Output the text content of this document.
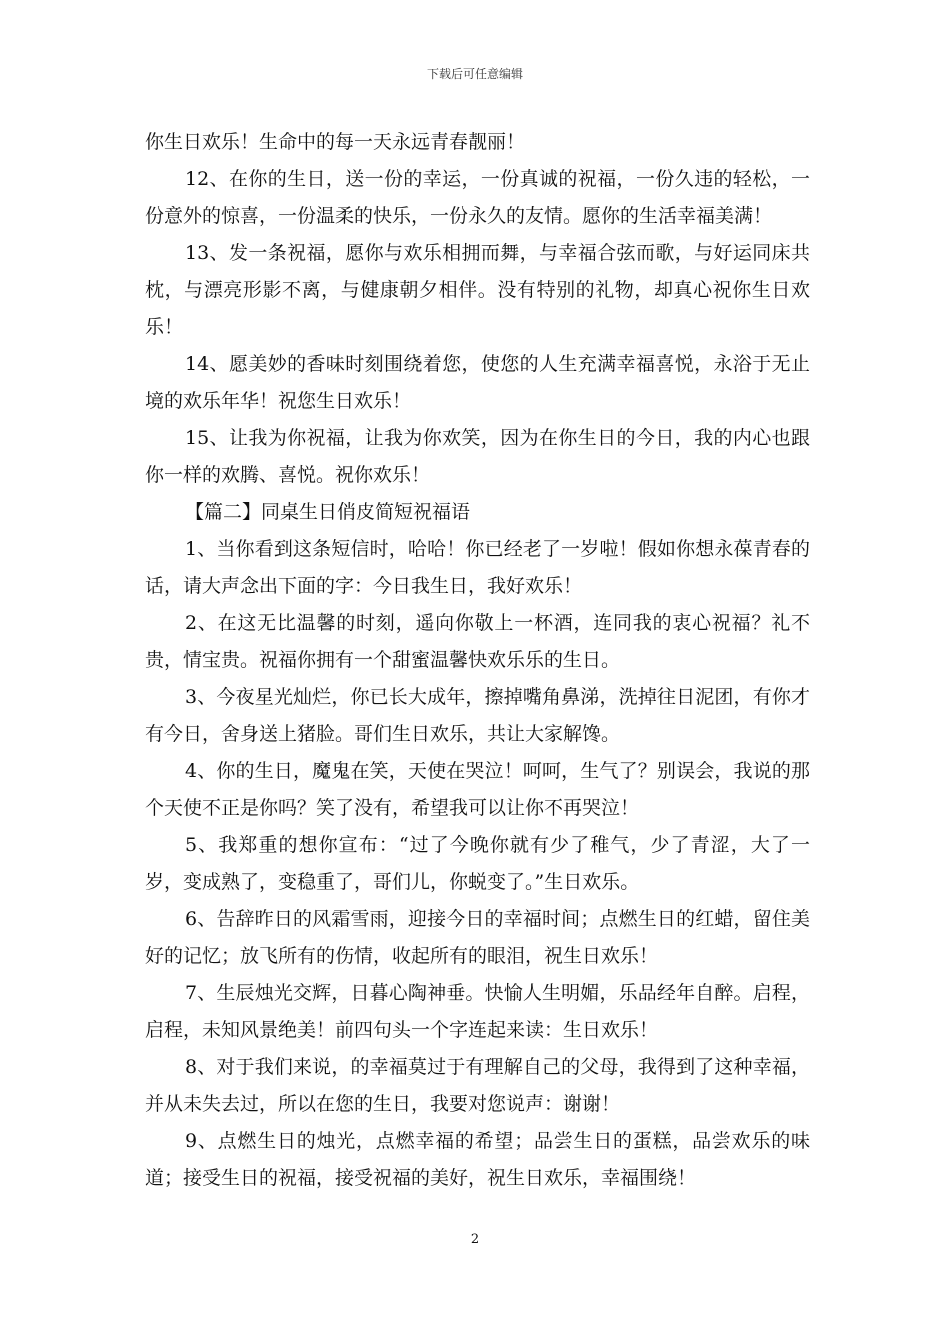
下载后可任意编辑

你生日欢乐！生命中的每一天永远青春靓丽！

12、在你的生日，送一份的幸运，一份真诚的祝福，一份久违的轻松，一份意外的惊喜，一份温柔的快乐，一份永久的友情。愿你的生活幸福美满！

13、发一条祝福，愿你与欢乐相拥而舞，与幸福合弦而歌，与好运同床共枕，与漂亮形影不离，与健康朝夕相伴。没有特别的礼物，却真心祝你生日欢乐！

14、愿美妙的香味时刻围绕着您，使您的人生充满幸福喜悦，永浴于无止境的欢乐年华！祝您生日欢乐！

15、让我为你祝福，让我为你欢笑，因为在你生日的今日，我的内心也跟你一样的欢腾、喜悦。祝你欢乐！

【篇二】同桌生日俏皮简短祝福语

1、当你看到这条短信时，哈哈！你已经老了一岁啦！假如你想永葆青春的话，请大声念出下面的字：今日我生日，我好欢乐！

2、在这无比温馨的时刻，遥向你敬上一杯酒，连同我的衷心祝福？礼不贵，情宝贵。祝福你拥有一个甜蜜温馨快欢乐乐的生日。

3、今夜星光灿烂，你已长大成年，擦掉嘴角鼻涕，洗掉往日泥团，有你才有今日，舍身送上猪脸。哥们生日欢乐，共让大家解馋。

4、你的生日，魔鬼在笑，天使在哭泣！呵呵，生气了？别误会，我说的那个天使不正是你吗？笑了没有，希望我可以让你不再哭泣！

5、我郑重的想你宣布：“过了今晚你就有少了稚气，少了青涩，大了一岁，变成熟了，变稳重了，哥们儿，你蜕变了。”生日欢乐。

6、告辞昨日的风霜雪雨，迎接今日的幸福时间；点燃生日的红蜡，留住美好的记忆；放飞所有的伤情，收起所有的眼泪，祝生日欢乐！

7、生辰烛光交辉，日暮心陶神垂。快愉人生明媚，乐品经年自醉。启程，启程，未知风景绝美！前四句头一个字连起来读：生日欢乐！

8、对于我们来说，的幸福莫过于有理解自己的父母，我得到了这种幸福，并从未失去过，所以在您的生日，我要对您说声：谢谢！

9、点燃生日的烛光，点燃幸福的希望；品尝生日的蛋糕，品尝欢乐的味道；接受生日的祝福，接受祝福的美好，祝生日欢乐，幸福围绕！

2
